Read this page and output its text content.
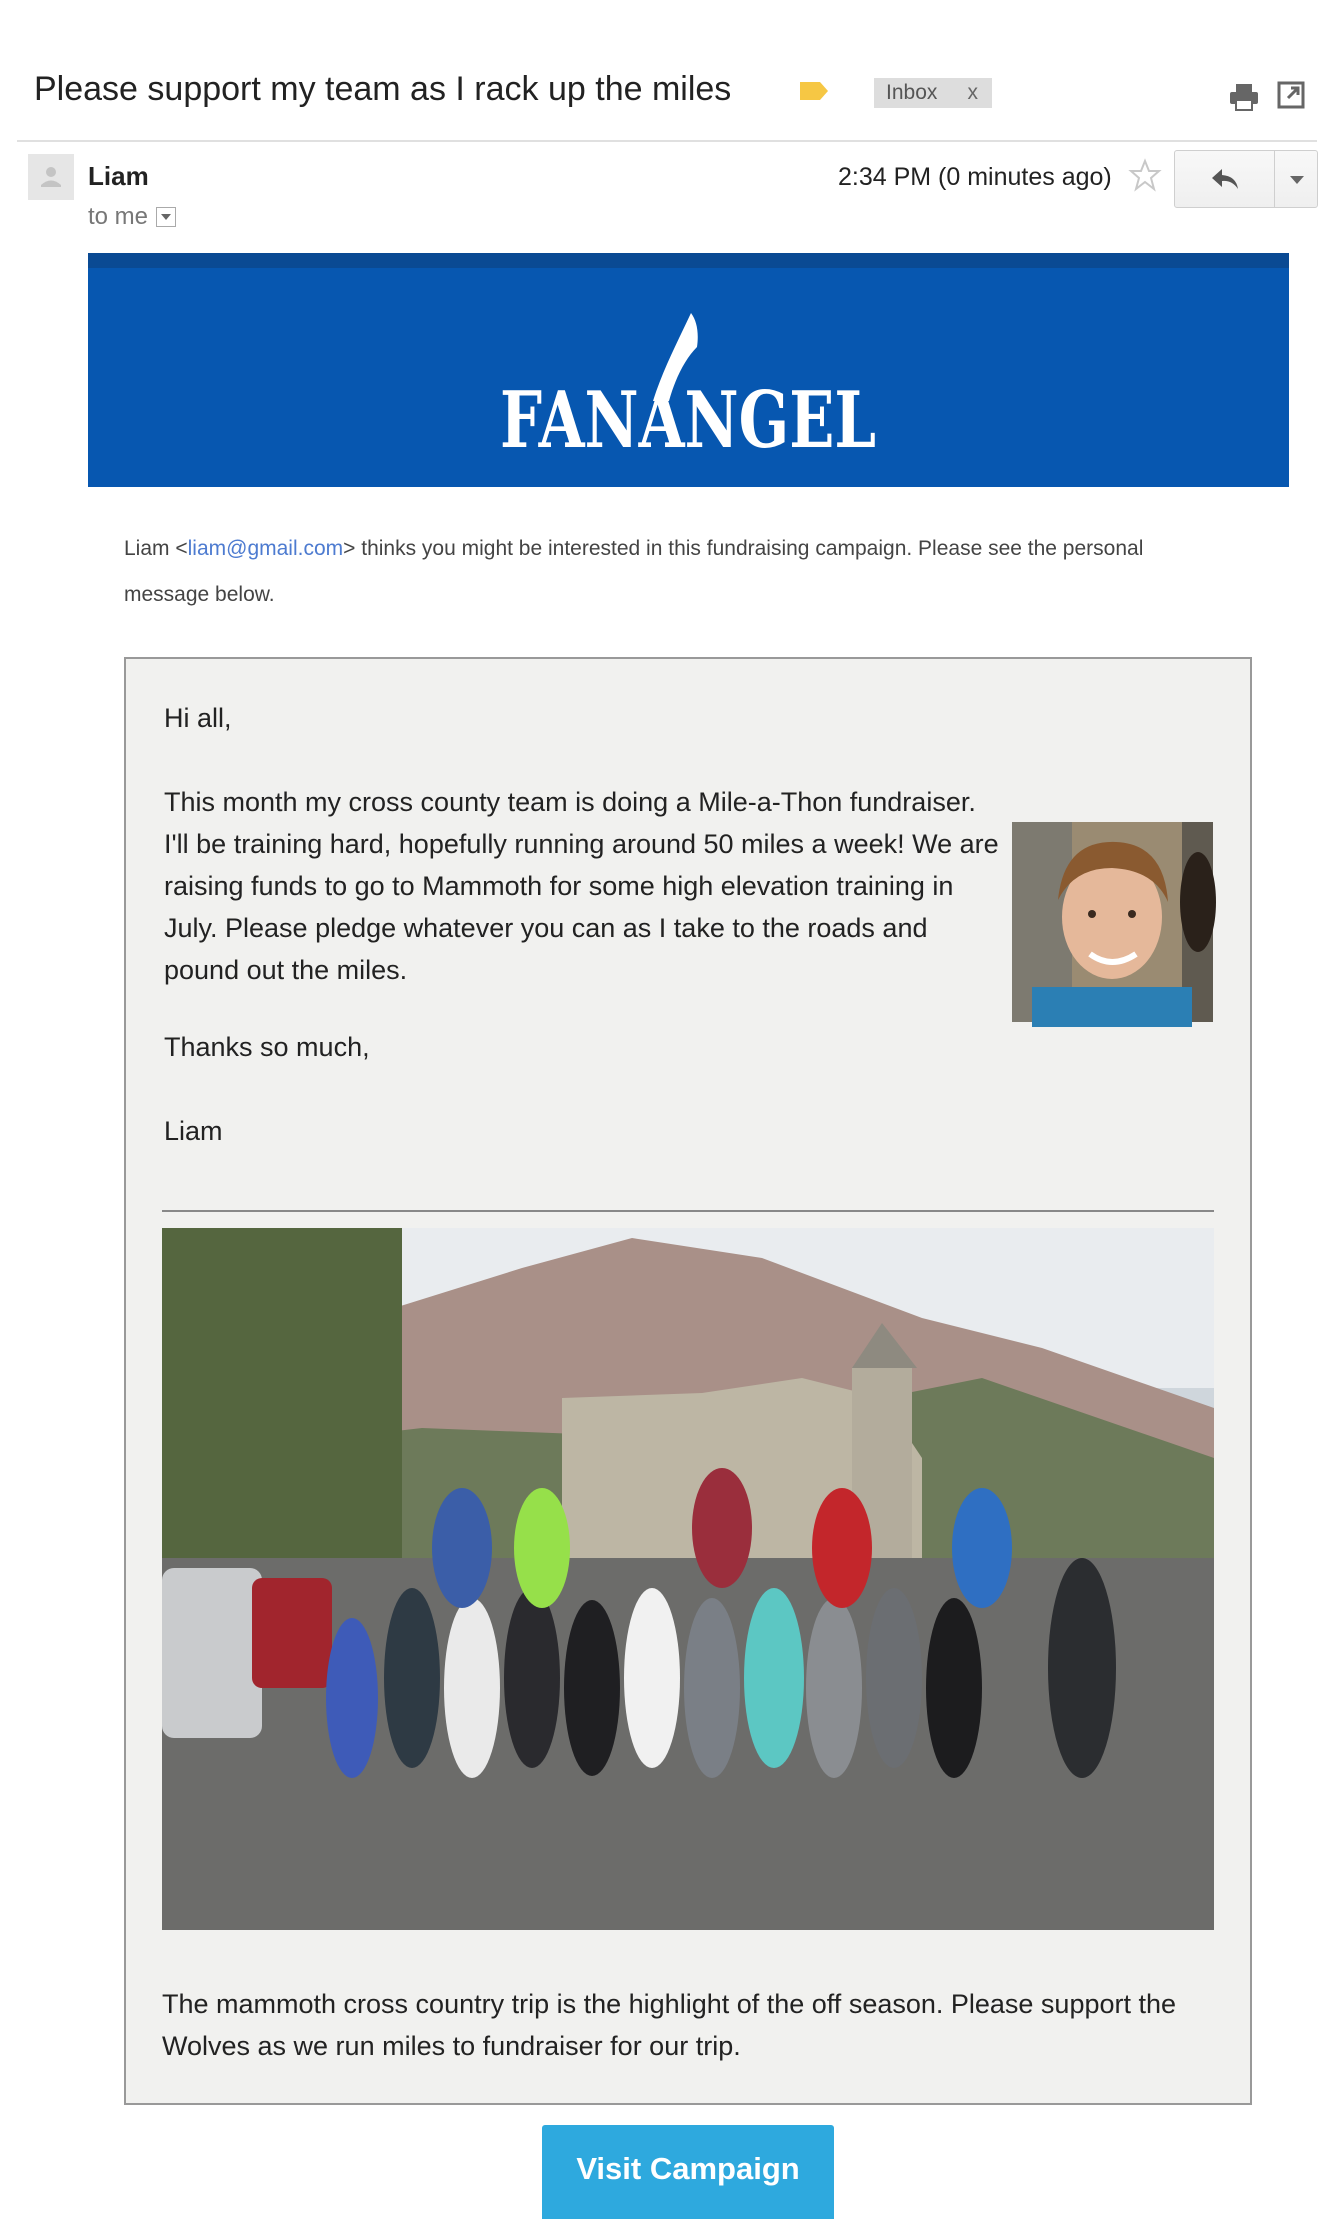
Please support my team as I rack up the miles	Inbox x
Liam
to me
2:34 PM (0 minutes ago)
FANANGEL
Liam <liam@gmail.com> thinks you might be interested in this fundraising campaign. Please see the personal message below.
Hi all,
This month my cross county team is doing a Mile-a-Thon fundraiser. I'll be training hard, hopefully running around 50 miles a week! We are raising funds to go to Mammoth for some high elevation training in July. Please pledge whatever you can as I take to the roads and pound out the miles.
Thanks so much,
Liam
The mammoth cross country trip is the highlight of the off season. Please support the Wolves as we run miles to fundraiser for our trip.
Visit Campaign
